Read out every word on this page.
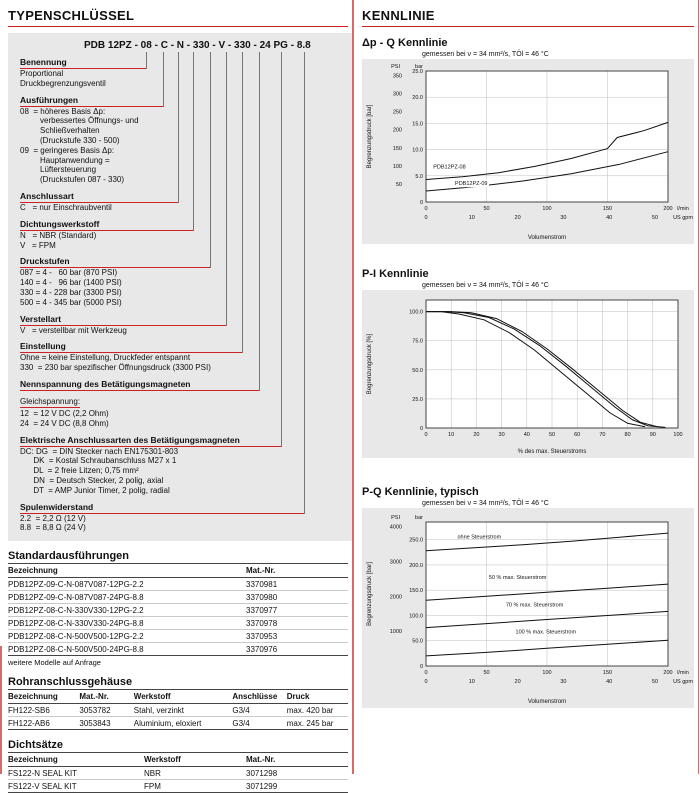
TYPENSCHLÜSSEL
PDB 12PZ - 08 - C - N - 330 - V - 330 - 24 PG - 8.8
Benennung
Proportional
Druckbegrenzungsventil
Ausführungen
08  = höheres Basis Δp:
verbessertes Öffnungs- und
Schließverhalten
(Druckstufe 330 - 500)
09  = geringeres Basis Δp:
Hauptanwendung =
Lüftersteuerung
(Druckstufen 087 - 330)
Anschlussart
C   = nur Einschraubventil
Dichtungswerkstoff
N   = NBR (Standard)
V   = FPM
Druckstufen
087 = 4 -   60 bar (870 PSI)
140 = 4 -   96 bar (1400 PSI)
330 = 4 - 228 bar (3300 PSI)
500 = 4 - 345 bar (5000 PSI)
Verstellart
V   = verstellbar mit Werkzeug
Einstellung
Ohne = keine Einstellung, Druckfeder entspannt
330  = 230 bar spezifischer Öffnungsdruck (3300 PSI)
Nennspannung des Betätigungsmagneten
Gleichspannung:
12  = 12 V DC (2,2 Ohm)
24  = 24 V DC (8,8 Ohm)
Elektrische Anschlussarten des Betätigungsmagneten
DC: DG  = DIN Stecker nach EN175301-803
DK  = Kostal Schraubanschluss M27 x 1
DL  = 2 freie Litzen; 0,75 mm²
DN  = Deutsch Stecker, 2 polig, axial
DT  = AMP Junior Timer, 2 polig, radial
Spulenwiderstand
2.2  = 2,2 Ω (12 V)
8.8  = 8,8 Ω (24 V)
Standardausführungen
Bezeichnung	Mat.-Nr.
PDB12PZ-09-C-N-087V087-12PG-2.2	3370981
PDB12PZ-09-C-N-087V087-24PG-8.8	3370980
PDB12PZ-08-C-N-330V330-12PG-2.2	3370977
PDB12PZ-08-C-N-330V330-24PG-8.8	3370978
PDB12PZ-08-C-N-500V500-12PG-2.2	3370953
PDB12PZ-08-C-N-500V500-24PG-8.8	3370976
weitere Modelle auf Anfrage
Rohranschlussgehäuse
Bezeichnung	Mat.-Nr.	Werkstoff	Anschlüsse	Druck
FH122-SB6	3053782	Stahl, verzinkt	G3/4	max. 420 bar
FH122-AB6	3053843	Aluminium, eloxiert	G3/4	max. 245 bar
Dichtsätze
Bezeichnung	Werkstoff	Mat.-Nr.
FS122-N SEAL KIT	NBR	3071298
FS122-V SEAL KIT	FPM	3071299
KENNLINIE
Δp - Q Kennlinie
gemessen bei ν = 34 mm²/s, TÖl = 46 °C
5.0
10.0
15.0
20.0
25.0
0
50
100
150
200
250
300
350
PSI	bar
0	50	100	150	200 l/min
0	10	20	30	40	50	US gpm
Volumenstrom
Begrenzungsdruck [bar]	PDB12PZ-08
PDB12PZ-09
P-I Kennlinie
gemessen bei ν = 34 mm²/s, TÖl = 46 °C
25.0
50.0
75.0
100.0
0
0	10	20	30	40	50	60	70	80	90	100
% des max. Steuerstroms
Begrenzungsdruck [%]
P-Q Kennlinie, typisch
gemessen bei ν = 34 mm²/s, TÖl = 46 °C
50.0
100.0
150.0
200.0
250.0
0
1000
2000
3000
4000
PSI	bar
0	50	100	150	200 l/min
0	10	20	30	40	50	US gpm
Volumenstrom
Begrenzungsdruck [bar]
ohne Steuerstrom
50 % max. Steuerstrom
70 % max. Steuerstrom
100 % max. Steuerstrom
